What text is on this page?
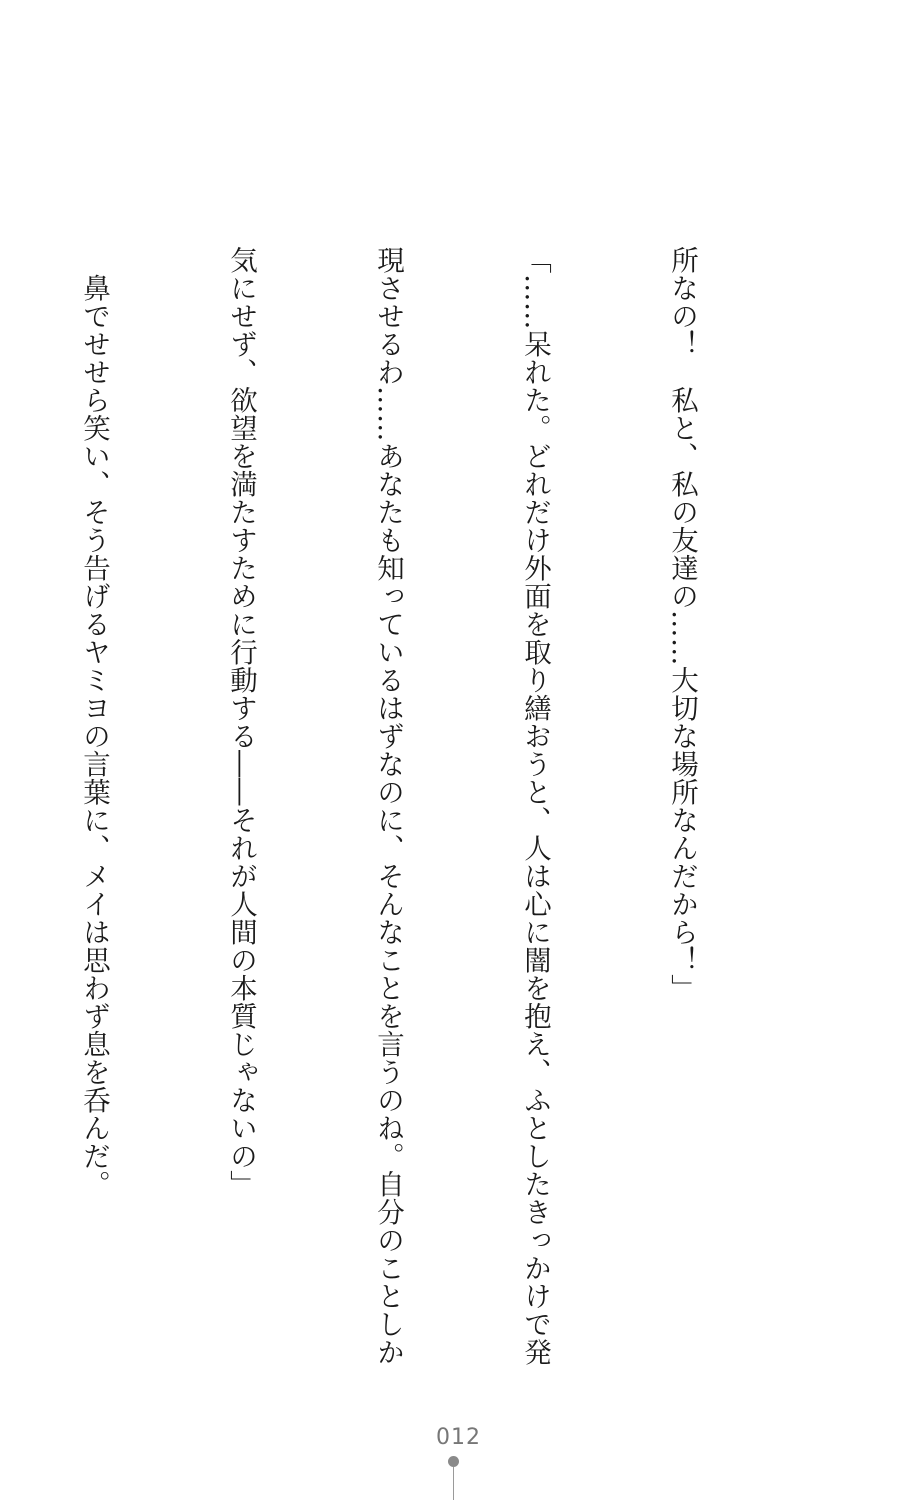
所なの！　私と、私の友達の……大切な場所なんだから！」

「……呆れた。どれだけ外面を取り繕おうと、人は心に闇を抱え、ふとしたきっかけで発

現させるわ……あなたも知っているはずなのに、そんなことを言うのね。自分のことしか

気にせず、欲望を満たすために行動する――それが人間の本質じゃないの」

　鼻でせせら笑い、そう告げるヤミヨの言葉に、メイは思わず息を呑んだ。

012
